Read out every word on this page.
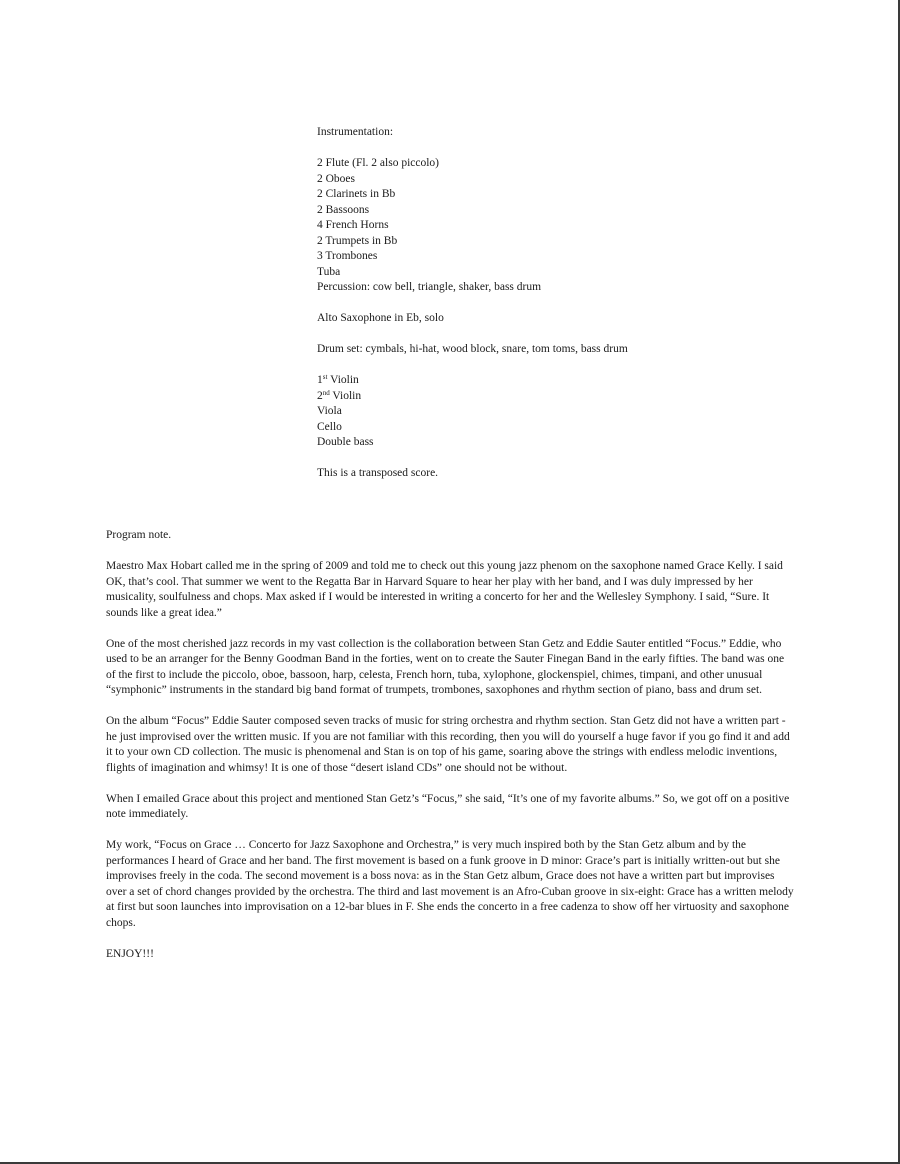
Instrumentation:
2 Flute (Fl. 2 also piccolo)
2 Oboes
2 Clarinets in Bb
2 Bassoons
4 French Horns
2 Trumpets in Bb
3 Trombones
Tuba
Percussion: cow bell, triangle, shaker, bass drum
Alto Saxophone in Eb, solo
Drum set: cymbals, hi-hat, wood block, snare, tom toms, bass drum
1st Violin
2nd Violin
Viola
Cello
Double bass
This is a transposed score.

Program note.

Maestro Max Hobart called me in the spring of 2009 and told me to check out this young jazz phenom on the saxophone named Grace Kelly. I said OK, that’s cool. That summer we went to the Regatta Bar in Harvard Square to hear her play with her band, and I was duly impressed by her musicality, soulfulness and chops. Max asked if I would be interested in writing a concerto for her and the Wellesley Symphony. I said, “Sure. It sounds like a great idea.”

One of the most cherished jazz records in my vast collection is the collaboration between Stan Getz and Eddie Sauter entitled “Focus.” Eddie, who used to be an arranger for the Benny Goodman Band in the forties, went on to create the Sauter Finegan Band in the early fifties. The band was one of the first to include the piccolo, oboe, bassoon, harp, celesta, French horn, tuba, xylophone, glockenspiel, chimes, timpani, and other unusual “symphonic” instruments in the standard big band format of trumpets, trombones, saxophones and rhythm section of piano, bass and drum set.

On the album “Focus” Eddie Sauter composed seven tracks of music for string orchestra and rhythm section. Stan Getz did not have a written part - he just improvised over the written music. If you are not familiar with this recording, then you will do yourself a huge favor if you go find it and add it to your own CD collection. The music is phenomenal and Stan is on top of his game, soaring above the strings with endless melodic inventions, flights of imagination and whimsy! It is one of those “desert island CDs” one should not be without.

When I emailed Grace about this project and mentioned Stan Getz’s “Focus,” she said, “It’s one of my favorite albums.” So, we got off on a positive note immediately.

My work, “Focus on Grace … Concerto for Jazz Saxophone and Orchestra,” is very much inspired both by the Stan Getz album and by the performances I heard of Grace and her band. The first movement is based on a funk groove in D minor: Grace’s part is initially written-out but she improvises freely in the coda. The second movement is a boss nova: as in the Stan Getz album, Grace does not have a written part but improvises over a set of chord changes provided by the orchestra. The third and last movement is an Afro-Cuban groove in six-eight: Grace has a written melody at first but soon launches into improvisation on a 12-bar blues in F. She ends the concerto in a free cadenza to show off her virtuosity and saxophone chops.

ENJOY!!!
